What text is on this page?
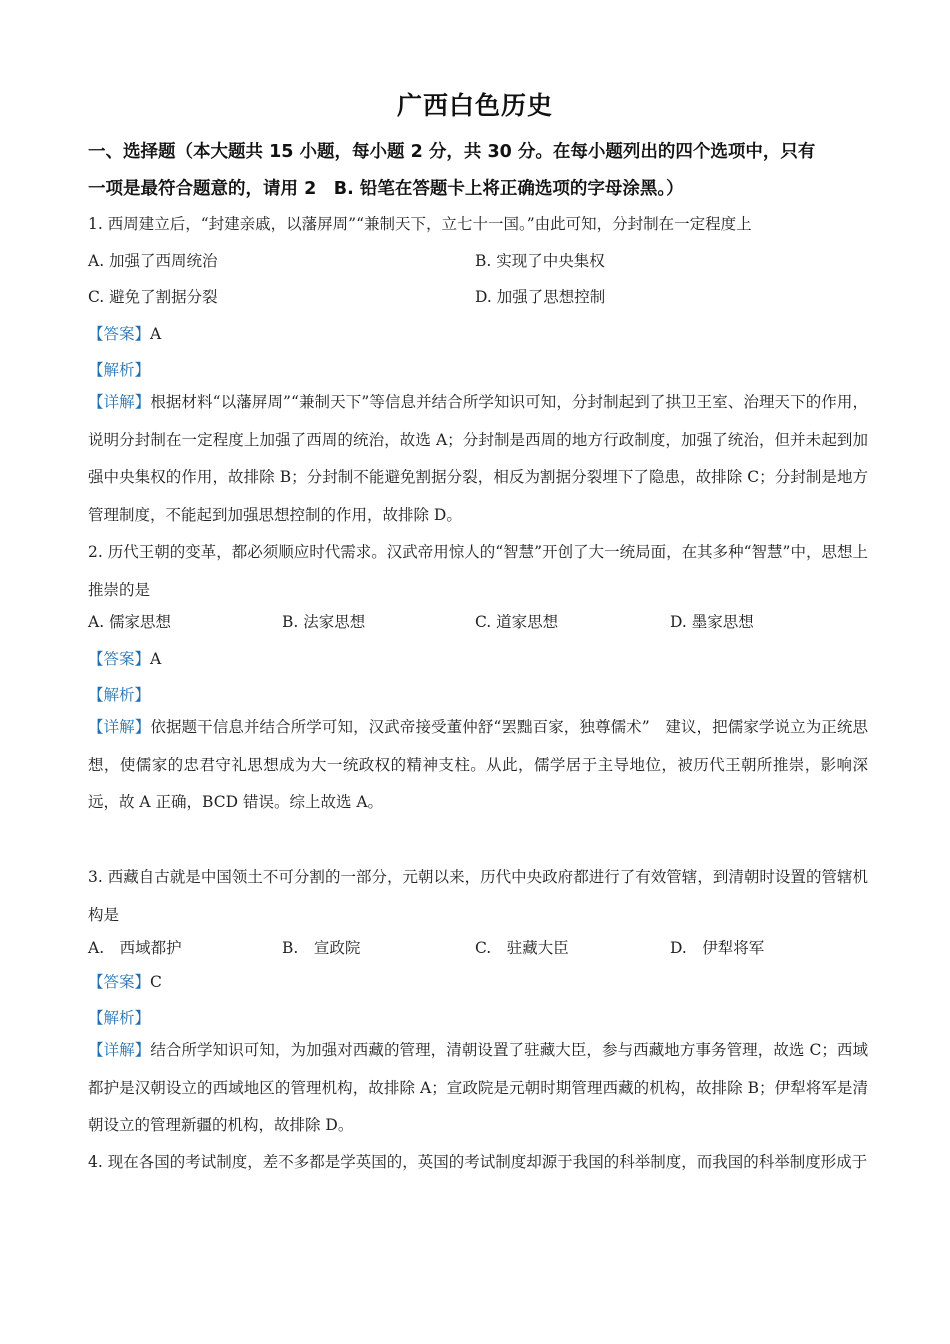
广西白色历史
一、选择题（本大题共 15 小题，每小题 2 分，共 30 分。在每小题列出的四个选项中，只有
一项是最符合题意的，请用 2　B. 铅笔在答题卡上将正确选项的字母涂黑。）
1. 西周建立后，“封建亲戚，以藩屏周”“兼制天下，立七十一国。”由此可知，分封制在一定程度上
A. 加强了西周统治	B. 实现了中央集权
C. 避免了割据分裂	D. 加强了思想控制
【答案】A
【解析】
【详解】根据材料“以藩屏周”“兼制天下”等信息并结合所学知识可知，分封制起到了拱卫王室、治理天下的作用，说明分封制在一定程度上加强了西周的统治，故选 A；分封制是西周的地方行政制度，加强了统治，但并未起到加强中央集权的作用，故排除 B；分封制不能避免割据分裂，相反为割据分裂埋下了隐患，故排除 C；分封制是地方管理制度，不能起到加强思想控制的作用，故排除 D。
2. 历代王朝的变革，都必须顺应时代需求。汉武帝用惊人的“智慧”开创了大一统局面，在其多种“智慧”中，思想上推崇的是
A. 儒家思想	B. 法家思想	C. 道家思想	D. 墨家思想
【答案】A
【解析】
【详解】依据题干信息并结合所学可知，汉武帝接受董仲舒“罢黜百家，独尊儒术”　建议，把儒家学说立为正统思想，使儒家的忠君守礼思想成为大一统政权的精神支柱。从此，儒学居于主导地位，被历代王朝所推崇，影响深远，故 A 正确，BCD 错误。综上故选 A。
3. 西藏自古就是中国领土不可分割的一部分，元朝以来，历代中央政府都进行了有效管辖，到清朝时设置的管辖机构是
A.　西域都护	B.　宣政院	C.　驻藏大臣	D.　伊犁将军
【答案】C
【解析】
【详解】结合所学知识可知，为加强对西藏的管理，清朝设置了驻藏大臣，参与西藏地方事务管理，故选 C；西域都护是汉朝设立的西域地区的管理机构，故排除 A；宣政院是元朝时期管理西藏的机构，故排除 B；伊犁将军是清朝设立的管理新疆的机构，故排除 D。
4. 现在各国的考试制度，差不多都是学英国的，英国的考试制度却源于我国的科举制度，而我国的科举制度形成于
